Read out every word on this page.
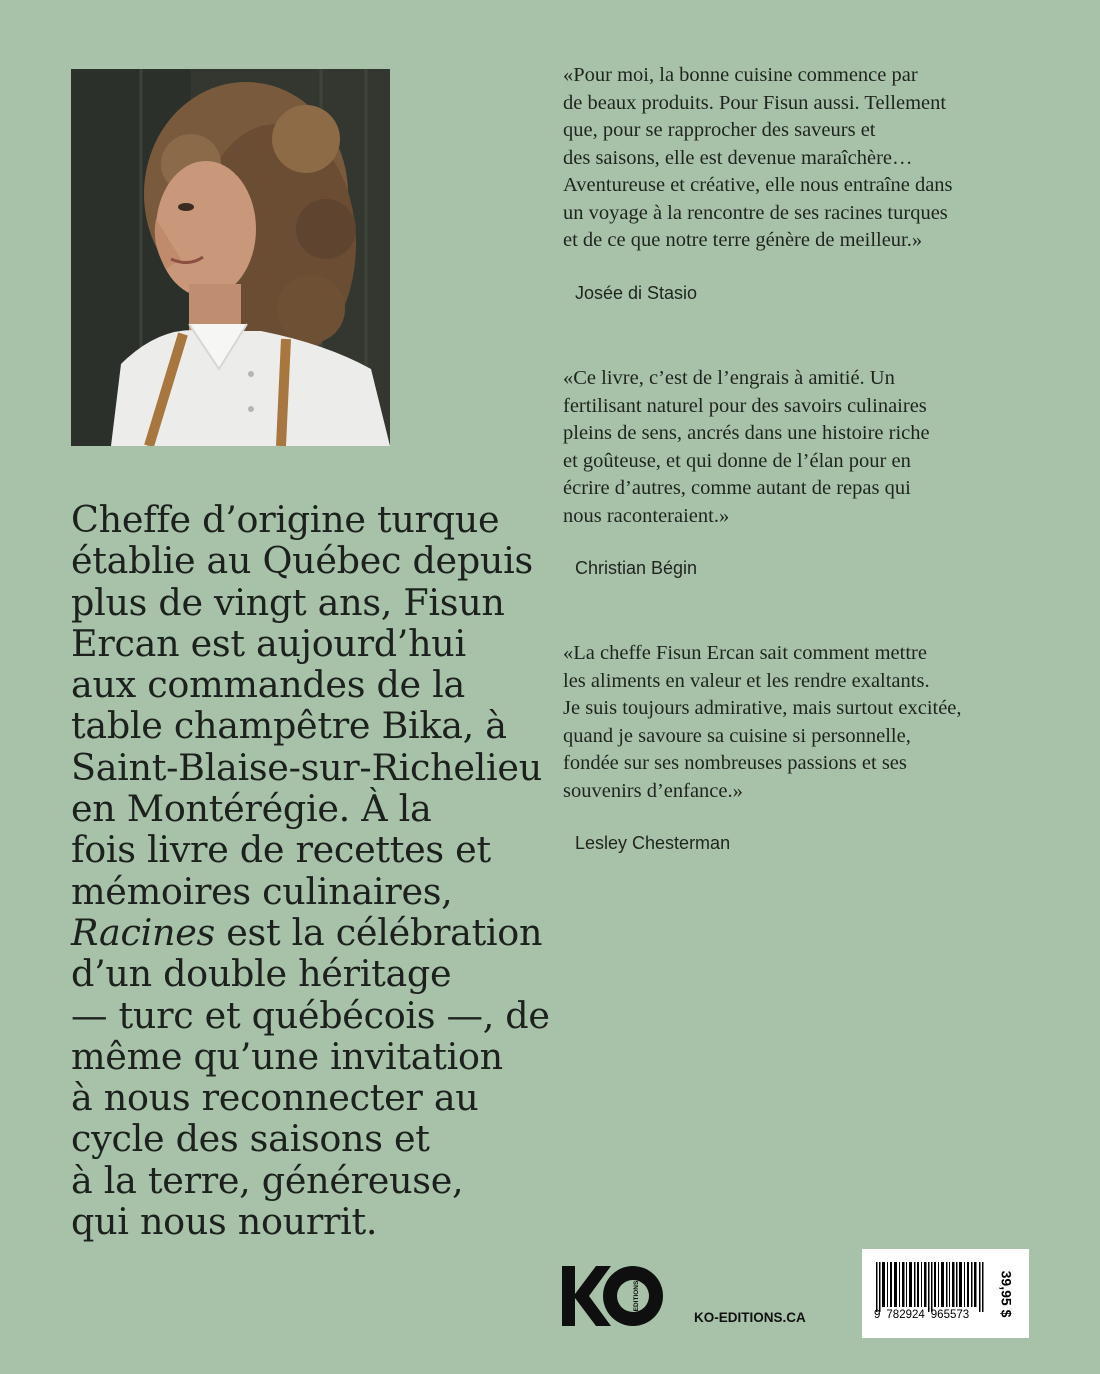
Cheffe d’origine turque
établie au Québec depuis
plus de vingt ans, Fisun
Ercan est aujourd’hui
aux commandes de la
table champêtre Bika, à
Saint-Blaise-sur-Richelieu
en Montérégie. À la
fois livre de recettes et
mémoires culinaires,
Racines est la célébration
d’un double héritage
— turc et québécois —, de
même qu’une invitation
à nous reconnecter au
cycle des saisons et
à la terre, généreuse,
qui nous nourrit.
«Pour moi, la bonne cuisine commence par
de beaux produits. Pour Fisun aussi. Tellement
que, pour se rapprocher des saveurs et
des saisons, elle est devenue maraîchère…
Aventureuse et créative, elle nous entraîne dans
un voyage à la rencontre de ses racines turques
et de ce que notre terre génère de meilleur.»
Josée di Stasio
«Ce livre, c’est de l’engrais à amitié. Un
fertilisant naturel pour des savoirs culinaires
pleins de sens, ancrés dans une histoire riche
et goûteuse, et qui donne de l’élan pour en
écrire d’autres, comme autant de repas qui
nous raconteraient.»
Christian Bégin
«La cheffe Fisun Ercan sait comment mettre
les aliments en valeur et les rendre exaltants.
Je suis toujours admirative, mais surtout excitée,
quand je savoure sa cuisine si personnelle,
fondée sur ses nombreuses passions et ses
souvenirs d’enfance.»
Lesley Chesterman
EDITIONS
KO-EDITIONS.CA	9 782924 965573 39,95 $
